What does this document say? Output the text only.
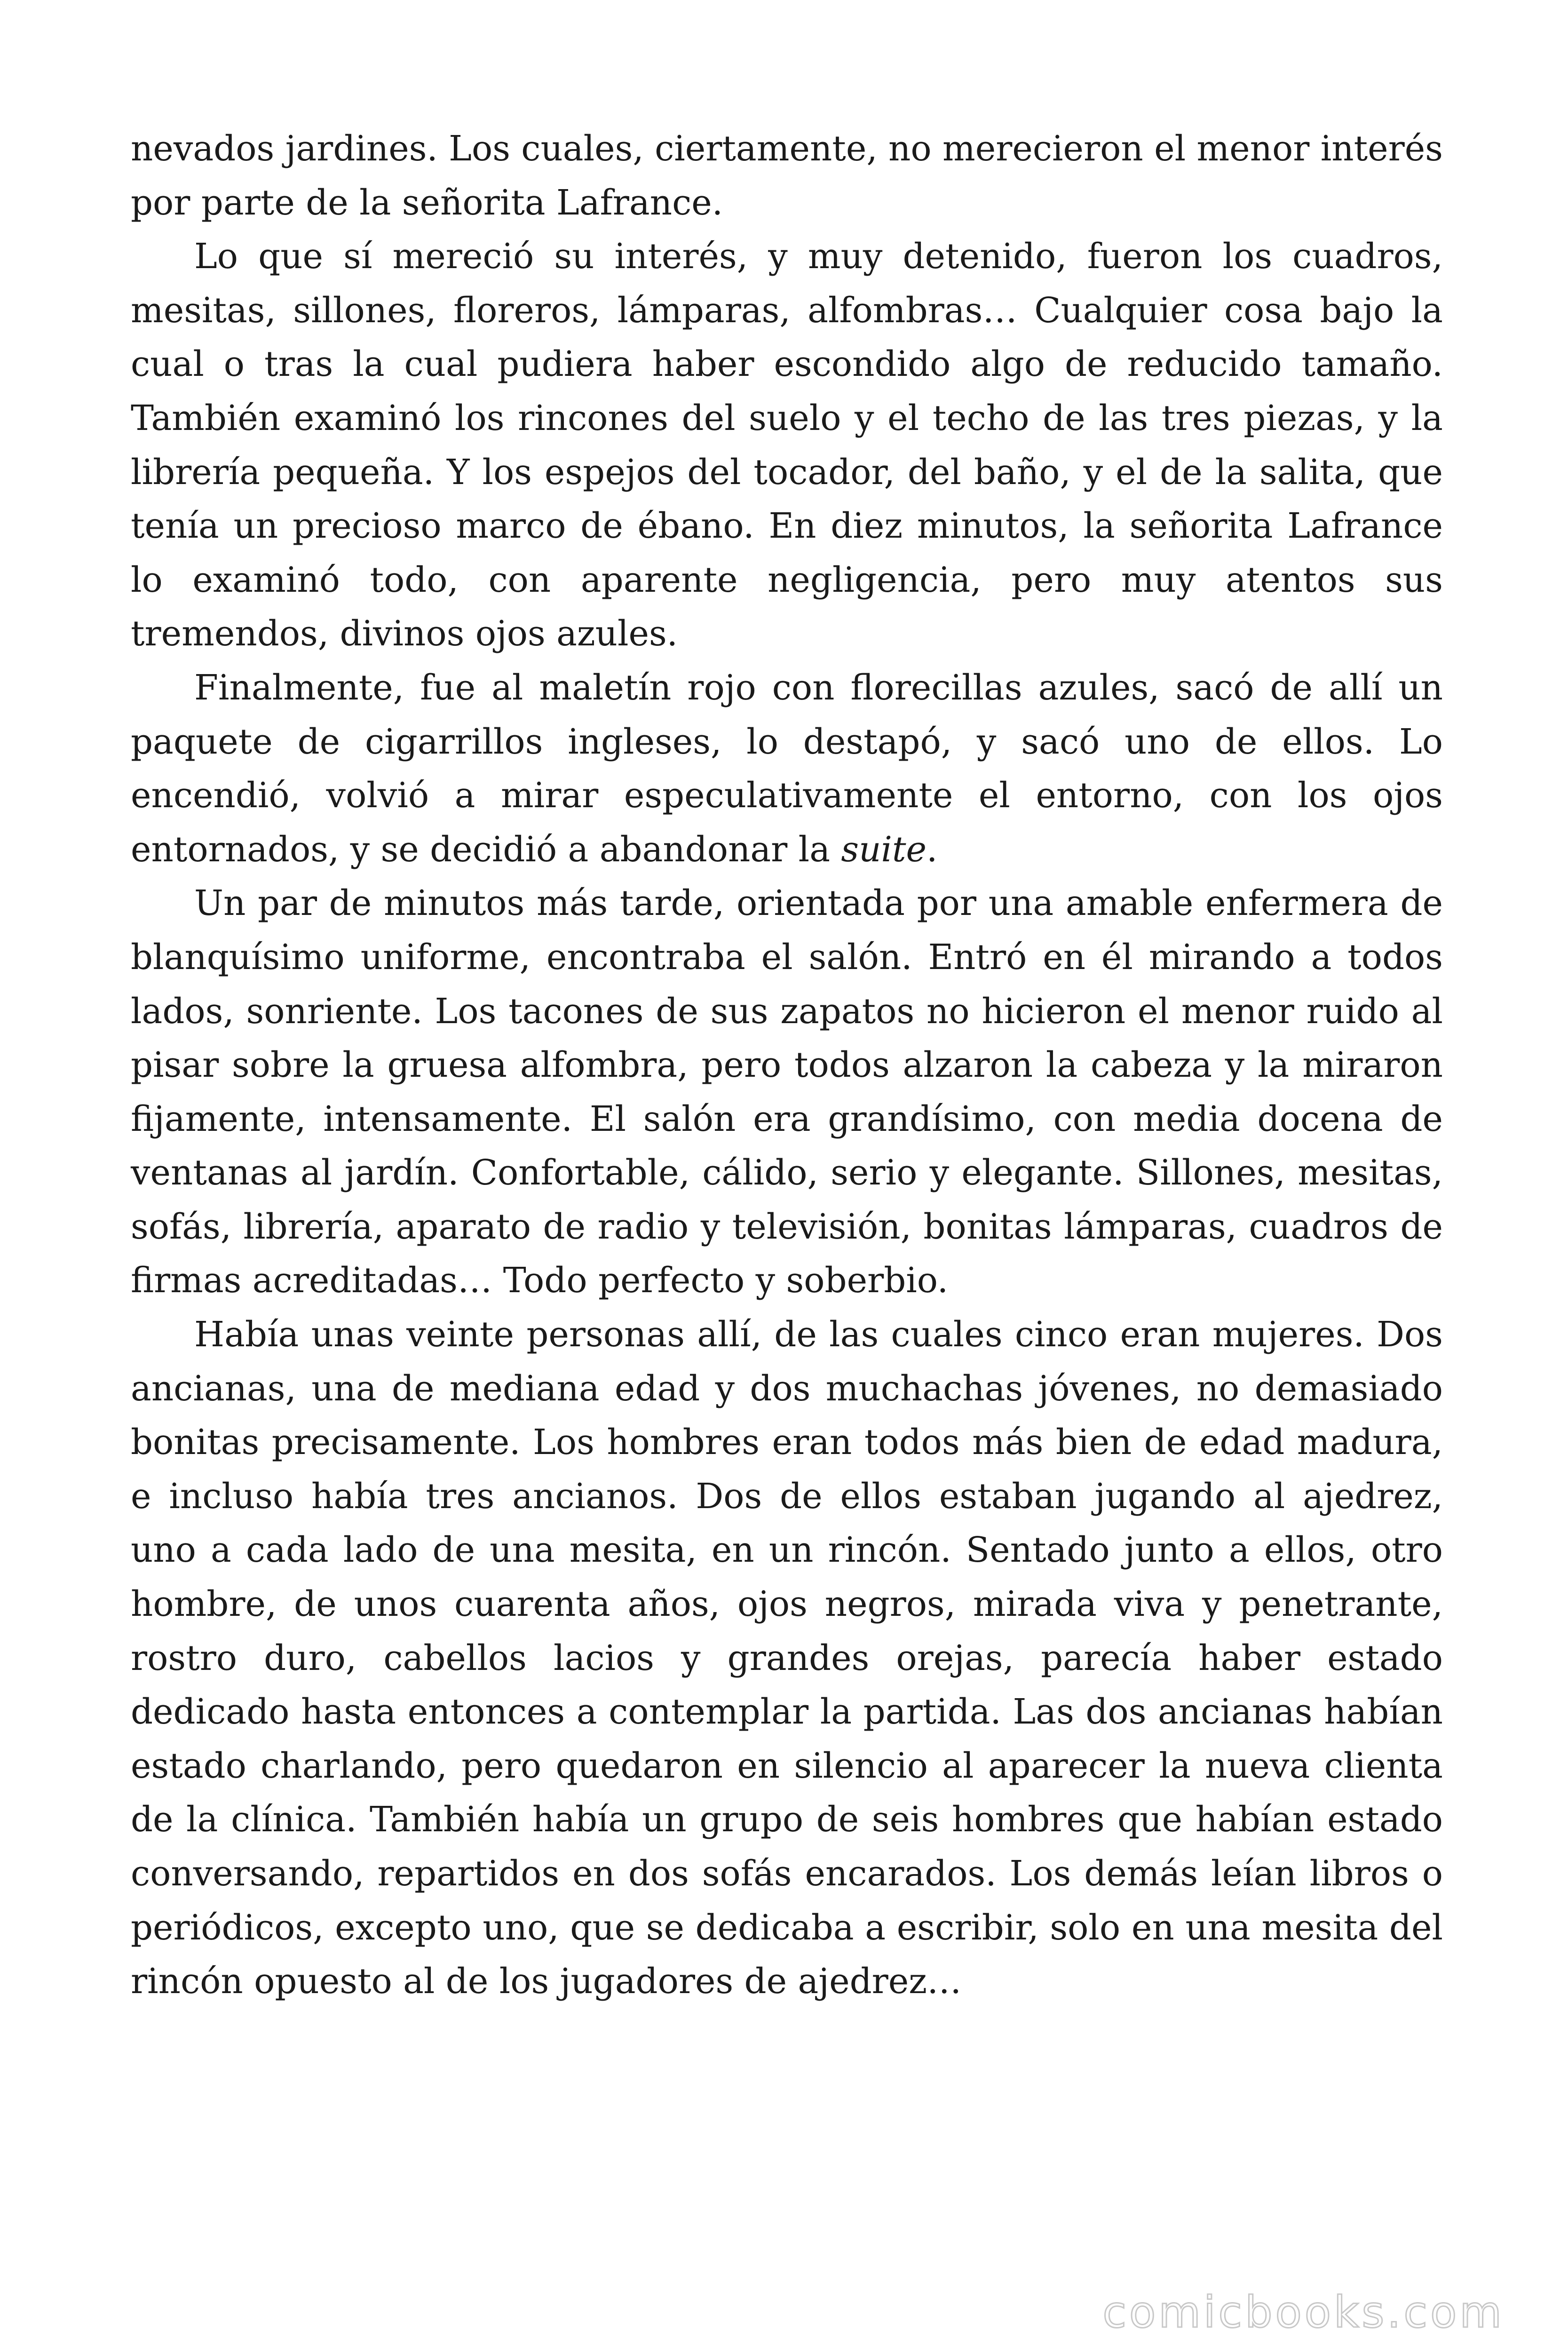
nevados jardines. Los cuales, ciertamente, no merecieron el menor interés por parte de la señorita Lafrance.

Lo que sí mereció su interés, y muy detenido, fueron los cuadros, mesitas, sillones, floreros, lámparas, alfombras… Cualquier cosa bajo la cual o tras la cual pudiera haber escondido algo de reducido tamaño. También examinó los rincones del suelo y el techo de las tres piezas, y la librería pequeña. Y los espejos del tocador, del baño, y el de la salita, que tenía un precioso marco de ébano. En diez minutos, la señorita Lafrance lo examinó todo, con aparente negligencia, pero muy atentos sus tremendos, divinos ojos azules.

Finalmente, fue al maletín rojo con florecillas azules, sacó de allí un paquete de cigarrillos ingleses, lo destapó, y sacó uno de ellos. Lo encendió, volvió a mirar especulativamente el entorno, con los ojos entornados, y se decidió a abandonar la suite.

Un par de minutos más tarde, orientada por una amable enfermera de blanquísimo uniforme, encontraba el salón. Entró en él mirando a todos lados, sonriente. Los tacones de sus zapatos no hicieron el menor ruido al pisar sobre la gruesa alfombra, pero todos alzaron la cabeza y la miraron fijamente, intensamente. El salón era grandísimo, con media docena de ventanas al jardín. Confortable, cálido, serio y elegante. Sillones, mesitas, sofás, librería, aparato de radio y televisión, bonitas lámparas, cuadros de firmas acreditadas… Todo perfecto y soberbio.

Había unas veinte personas allí, de las cuales cinco eran mujeres. Dos ancianas, una de mediana edad y dos muchachas jóvenes, no demasiado bonitas precisamente. Los hombres eran todos más bien de edad madura, e incluso había tres ancianos. Dos de ellos estaban jugando al ajedrez, uno a cada lado de una mesita, en un rincón. Sentado junto a ellos, otro hombre, de unos cuarenta años, ojos negros, mirada viva y penetrante, rostro duro, cabellos lacios y grandes orejas, parecía haber estado dedicado hasta entonces a contemplar la partida. Las dos ancianas habían estado charlando, pero quedaron en silencio al aparecer la nueva clienta de la clínica. También había un grupo de seis hombres que habían estado conversando, repartidos en dos sofás encarados. Los demás leían libros o periódicos, excepto uno, que se dedicaba a escribir, solo en una mesita del rincón opuesto al de los jugadores de ajedrez…

comicbooks.com
